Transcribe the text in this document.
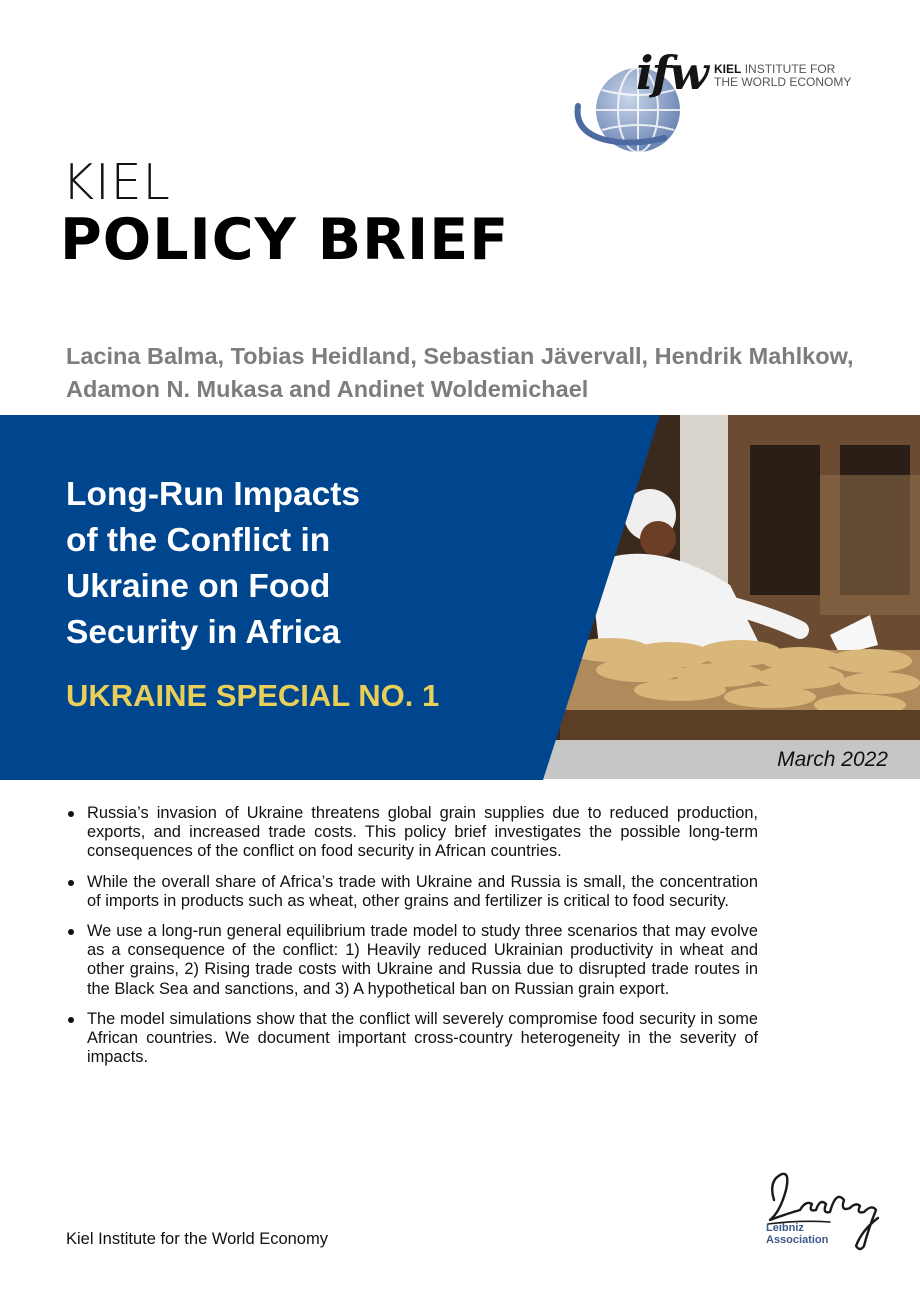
ifw KIEL INSTITUTE FOR
THE WORLD ECONOMY
KIEL
POLICY BRIEF
Lacina Balma, Tobias Heidland, Sebastian Jävervall, Hendrik Mahlkow, Adamon N. Mukasa and Andinet Woldemichael
March 2022
Long-Run Impacts
of the Conflict in
Ukraine on Food
Security in Africa
UKRAINE SPECIAL NO. 1
Russia’s invasion of Ukraine threatens global grain supplies due to reduced production, exports, and increased trade costs. This policy brief investigates the possible long-term consequences of the conflict on food security in African countries.
While the overall share of Africa’s trade with Ukraine and Russia is small, the concentration of imports in products such as wheat, other grains and fertilizer is critical to food security.
We use a long-run general equilibrium trade model to study three scenarios that may evolve as a consequence of the conflict: 1) Heavily reduced Ukrainian productivity in wheat and other grains, 2) Rising trade costs with Ukraine and Russia due to disrupted trade routes in the Black Sea and sanctions, and 3) A hypothetical ban on Russian grain export.
The model simulations show that the conflict will severely compromise food security in some African countries. We document important cross-country heterogeneity in the severity of impacts.
Kiel Institute for the World Economy
Leibniz
Association
